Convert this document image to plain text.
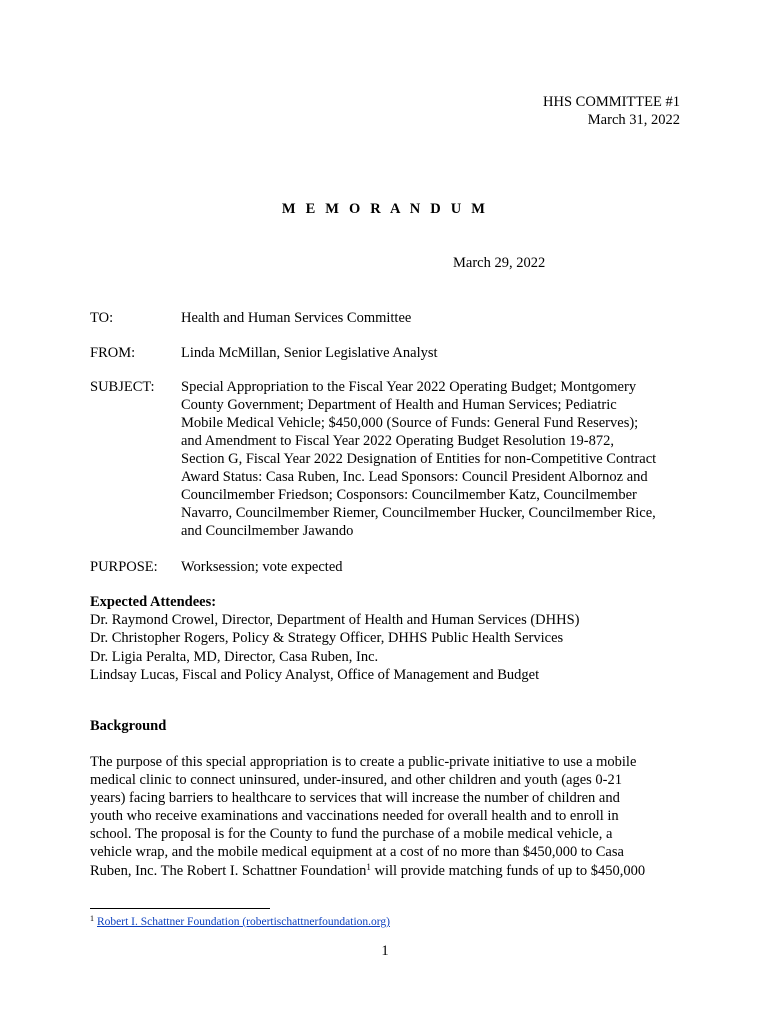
HHS COMMITTEE #1
March 31, 2022
M E M O R A N D U M
March 29, 2022
TO:	Health and Human Services Committee
FROM:	Linda McMillan, Senior Legislative Analyst
SUBJECT: Special Appropriation to the Fiscal Year 2022 Operating Budget; Montgomery
County Government; Department of Health and Human Services; Pediatric
Mobile Medical Vehicle; $450,000 (Source of Funds: General Fund Reserves);
and Amendment to Fiscal Year 2022 Operating Budget Resolution 19-872,
Section G, Fiscal Year 2022 Designation of Entities for non-Competitive Contract
Award Status: Casa Ruben, Inc. Lead Sponsors: Council President Albornoz and
Councilmember Friedson; Cosponsors: Councilmember Katz, Councilmember
Navarro, Councilmember Riemer, Councilmember Hucker, Councilmember Rice,
and Councilmember Jawando
PURPOSE: Worksession; vote expected
Expected Attendees:
Dr. Raymond Crowel, Director, Department of Health and Human Services (DHHS)
Dr. Christopher Rogers, Policy & Strategy Officer, DHHS Public Health Services
Dr. Ligia Peralta, MD, Director, Casa Ruben, Inc.
Lindsay Lucas, Fiscal and Policy Analyst, Office of Management and Budget
Background
The purpose of this special appropriation is to create a public-private initiative to use a mobile
medical clinic to connect uninsured, under-insured, and other children and youth (ages 0-21
years) facing barriers to healthcare to services that will increase the number of children and
youth who receive examinations and vaccinations needed for overall health and to enroll in
school. The proposal is for the County to fund the purchase of a mobile medical vehicle, a
vehicle wrap, and the mobile medical equipment at a cost of no more than $450,000 to Casa
Ruben, Inc. The Robert I. Schattner Foundation$^1$ will provide matching funds of up to $450,000
$^1$ Robert I. Schattner Foundation (robertischattnerfoundation.org)
1
